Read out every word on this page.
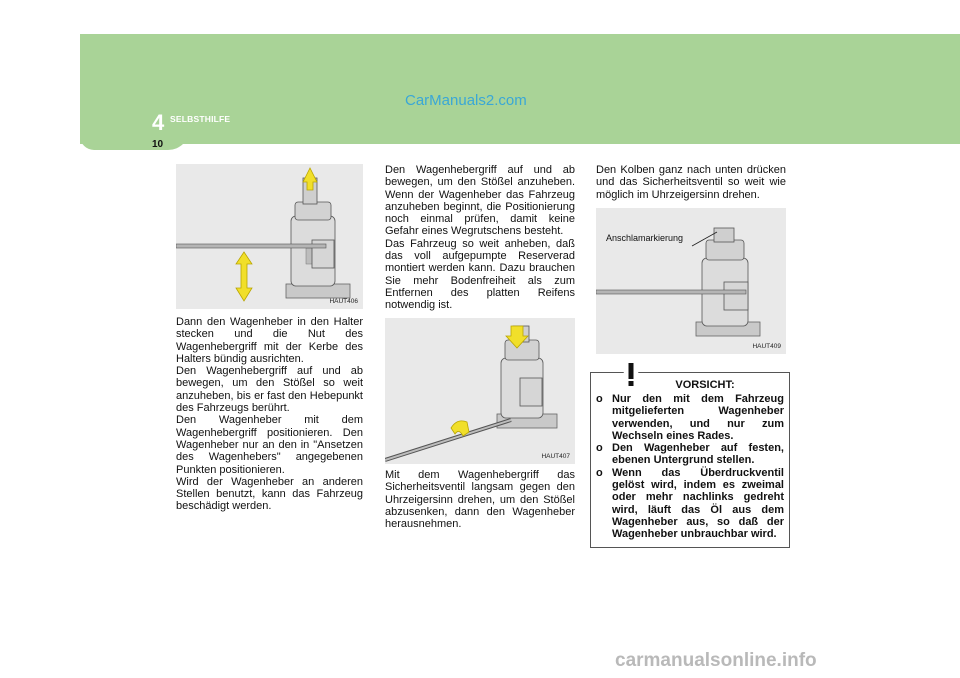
CarManuals2.com
4 SELBSTHILFE
10
HAUT406
HAUT407
Anschlamarkierung
HAUT409

Dann den Wagenheber in den Halter stecken und die Nut des Wagenhebergriff mit der Kerbe des Halters bündig ausrichten.

Den Wagenhebergriff auf und ab bewegen, um den Stößel so weit anzuheben, bis er fast den Hebepunkt des Fahrzeugs berührt.

Den Wagenheber mit dem Wagenhebergriff positionieren. Den Wagenheber nur an den in "Ansetzen des Wagenhebers" angegebenen Punkten positionieren.

Wird der Wagenheber an anderen Stellen benutzt, kann das Fahrzeug beschädigt werden.

Den Wagenhebergriff auf und ab bewegen, um den Stößel anzuheben. Wenn der Wagenheber das Fahrzeug anzuheben beginnt, die Positionierung noch einmal prüfen, damit keine Gefahr eines Wegrutschens besteht.

Das Fahrzeug so weit anheben, daß das voll aufgepumpte Reserverad montiert werden kann. Dazu brauchen Sie mehr Bodenfreiheit als zum Entfernen des platten Reifens notwendig ist.

Mit dem Wagenhebergriff das Sicherheitsventil langsam gegen den Uhrzeigersinn drehen, um den Stößel abzusenken, dann den Wagenheber herausnehmen.

Den Kolben ganz nach unten drücken und das Sicherheitsventil so weit wie möglich im Uhrzeigersinn drehen.

VORSICHT:

o Nur den mit dem Fahrzeug mitgelieferten Wagenheber verwenden, und nur zum Wechseln eines Rades.

o Den Wagenheber auf festen, ebenen Untergrund stellen.

o Wenn das Überdruckventil gelöst wird, indem es zweimal oder mehr nachlinks gedreht wird, läuft das Öl aus dem Wagenheber aus, so daß der Wagenheber unbrauchbar wird.

carmanualsonline.info
